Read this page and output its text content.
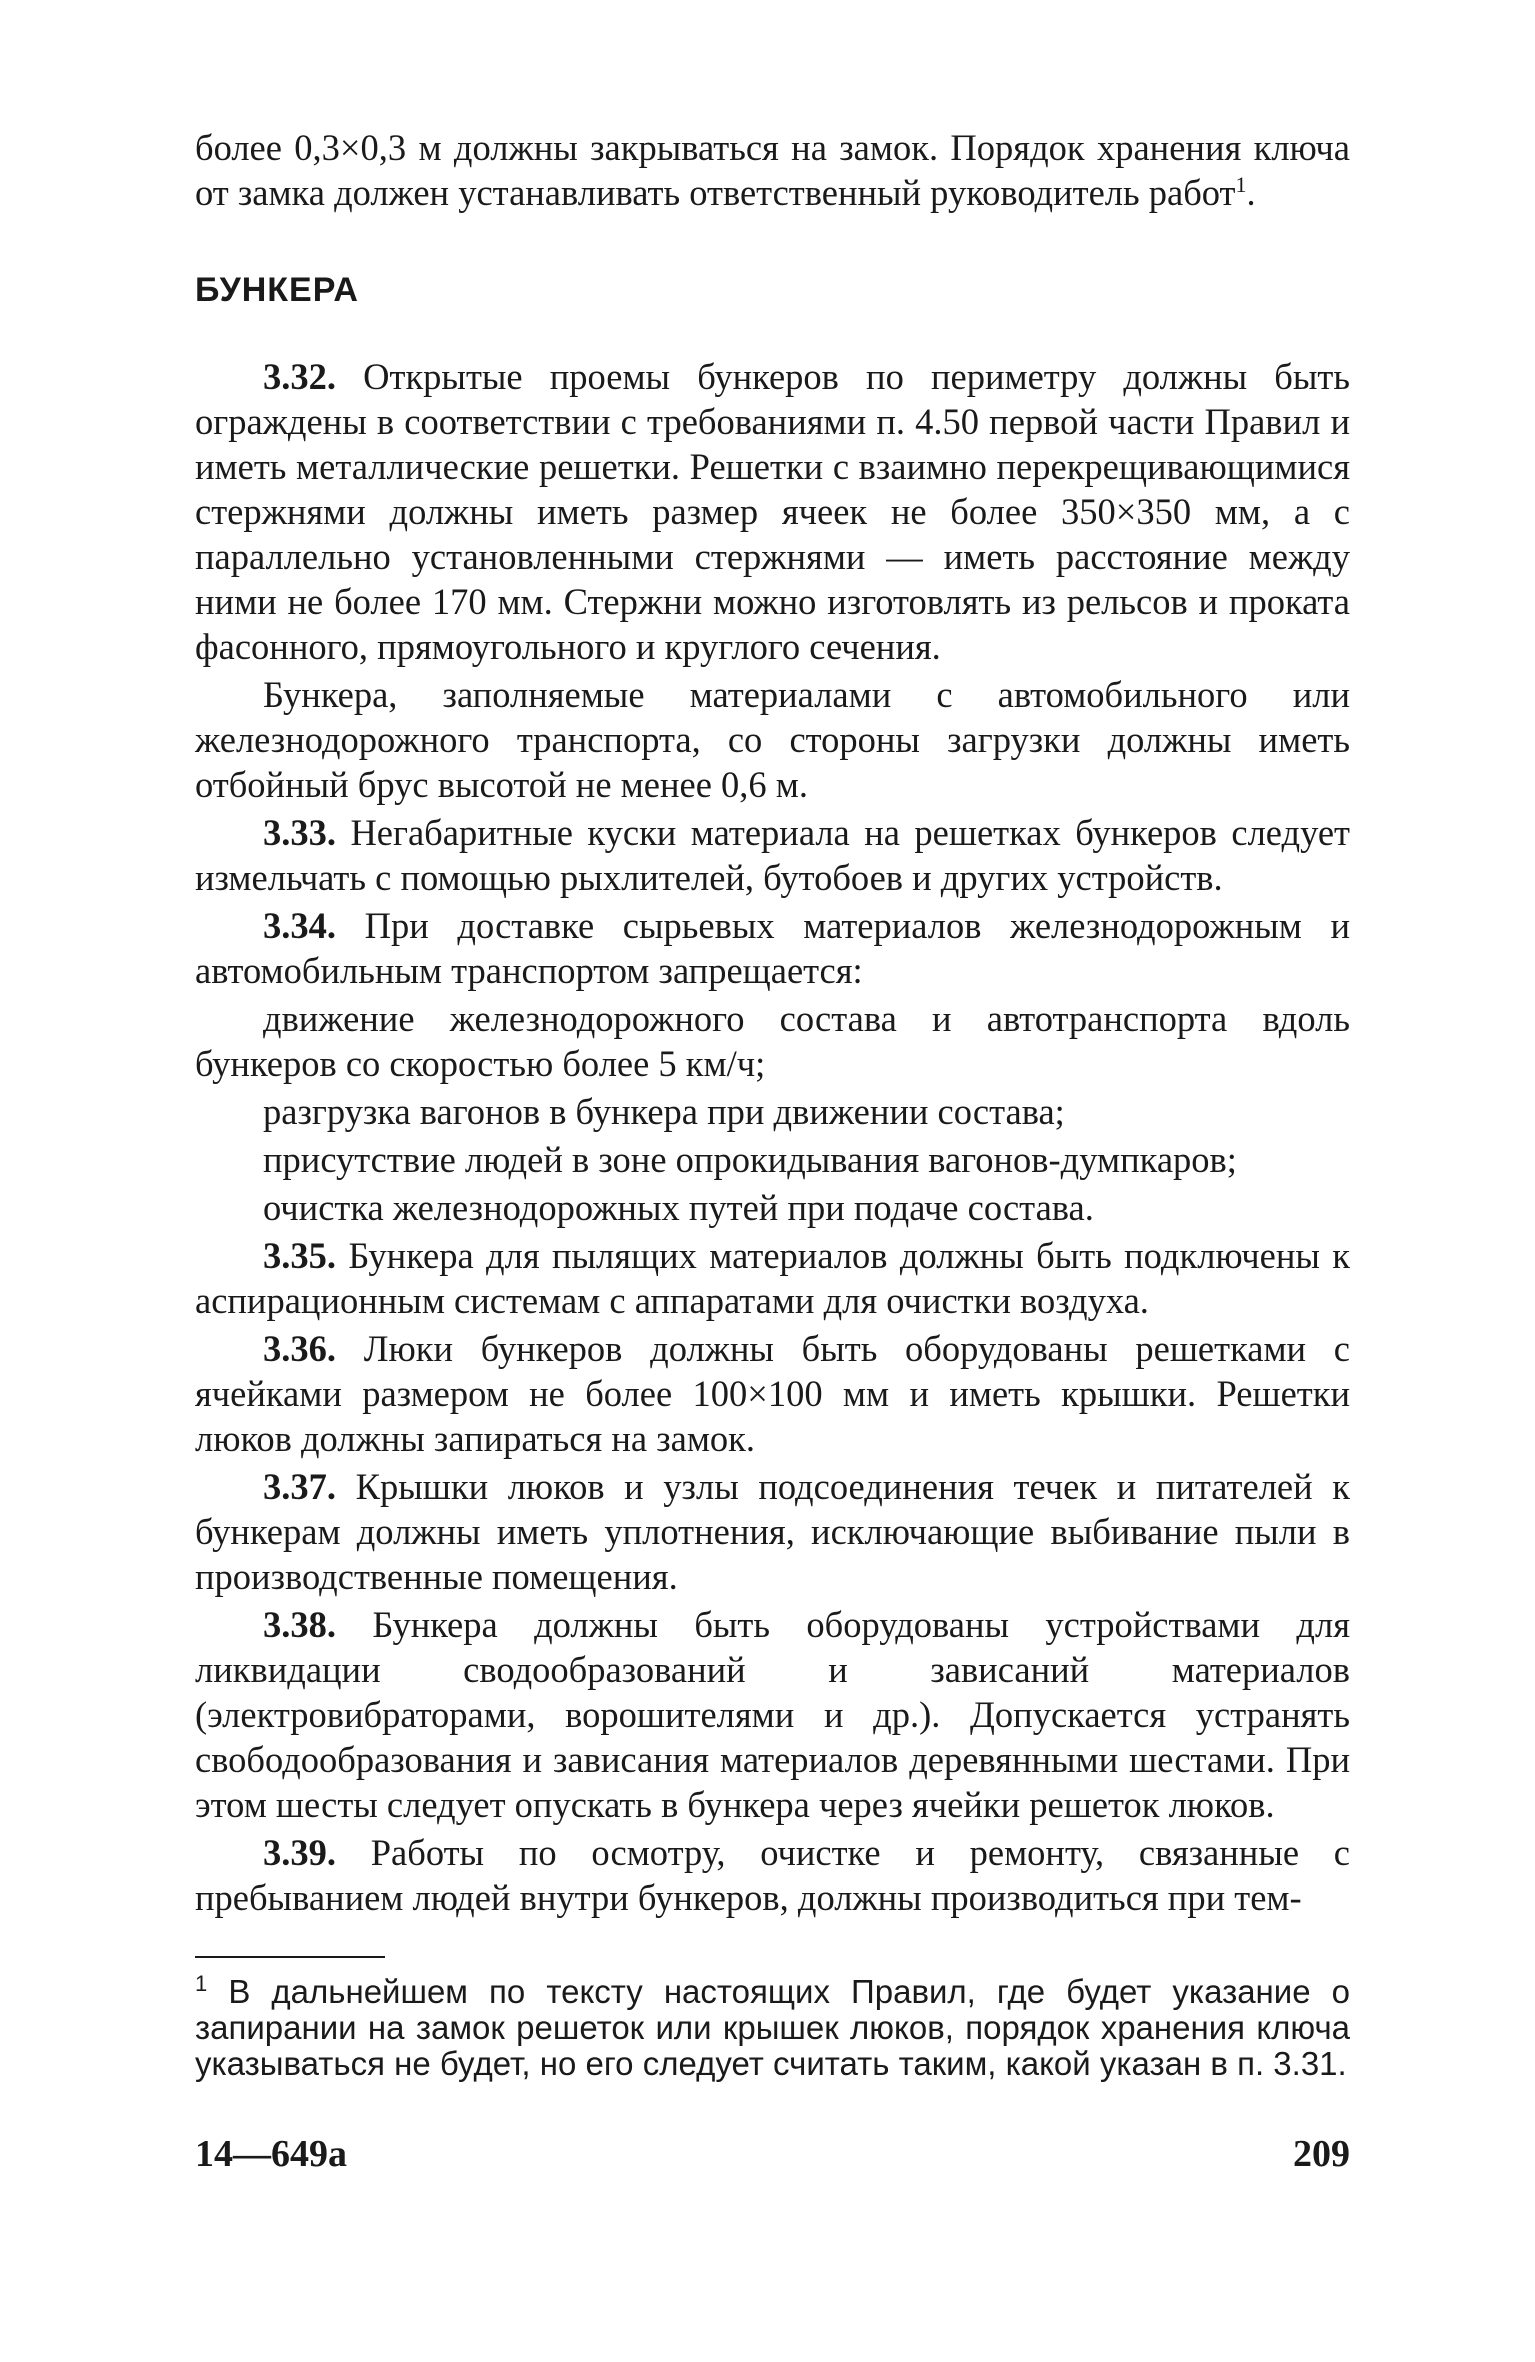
более 0,3×0,3 м должны закрываться на замок. Порядок хранения ключа от замка должен устанавливать ответственный руководитель работ$^1$.

БУНКЕРА

3.32. Открытые проемы бункеров по периметру должны быть ограждены в соответствии с требованиями п. 4.50 первой части Правил и иметь металлические решетки. Решетки с взаимно перекрещивающимися стержнями должны иметь размер ячеек не более 350×350 мм, а с параллельно установленными стержнями — иметь расстояние между ними не более 170 мм. Стержни можно изготовлять из рельсов и проката фасонного, прямоугольного и круглого сечения.

Бункера, заполняемые материалами с автомобильного или железнодорожного транспорта, со стороны загрузки должны иметь отбойный брус высотой не менее 0,6 м.

3.33. Негабаритные куски материала на решетках бункеров следует измельчать с помощью рыхлителей, бутобоев и других устройств.

3.34. При доставке сырьевых материалов железнодорожным и автомобильным транспортом запрещается:

движение железнодорожного состава и автотранспорта вдоль бункеров со скоростью более 5 км/ч;

разгрузка вагонов в бункера при движении состава;

присутствие людей в зоне опрокидывания вагонов-думпкаров;

очистка железнодорожных путей при подаче состава.

3.35. Бункера для пылящих материалов должны быть подключены к аспирационным системам с аппаратами для очистки воздуха.

3.36. Люки бункеров должны быть оборудованы решетками с ячейками размером не более 100×100 мм и иметь крышки. Решетки люков должны запираться на замок.

3.37. Крышки люков и узлы подсоединения течек и питателей к бункерам должны иметь уплотнения, исключающие выбивание пыли в производственные помещения.

3.38. Бункера должны быть оборудованы устройствами для ликвидации сводообразований и зависаний материалов (электровибраторами, ворошителями и др.). Допускается устранять свободообразования и зависания материалов деревянными шестами. При этом шесты следует опускать в бункера через ячейки решеток люков.

3.39. Работы по осмотру, очистке и ремонту, связанные с пребыванием людей внутри бункеров, должны производиться при тем-

$^1$ В дальнейшем по тексту настоящих Правил, где будет указание о запирании на замок решеток или крышек люков, порядок хранения ключа указываться не будет, но его следует считать таким, какой указан в п. 3.31.

14—649а	209
